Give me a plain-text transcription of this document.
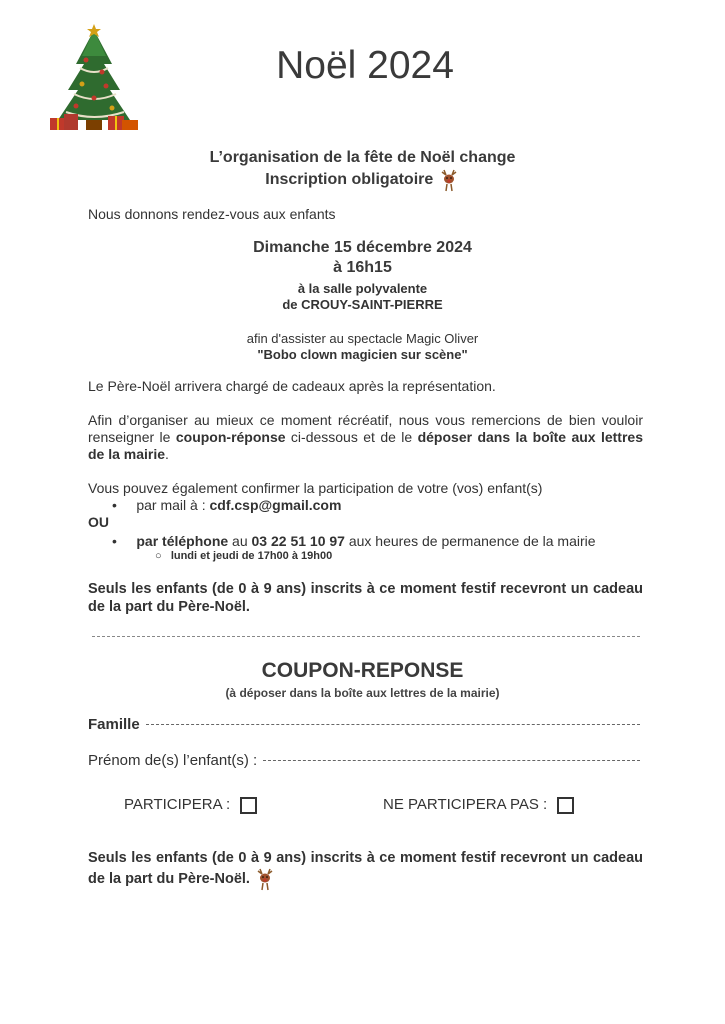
Noël 2024
L’organisation de la fête de Noël change
Inscription obligatoire
Nous donnons rendez-vous aux enfants
Dimanche 15 décembre 2024
à 16h15
à la salle polyvalente
de CROUY-SAINT-PIERRE
afin d'assister au spectacle Magic Oliver
"Bobo clown magicien sur scène"
Le Père-Noël arrivera chargé de cadeaux après la représentation.
Afin d’organiser au mieux ce moment récréatif, nous vous remercions de bien vouloir renseigner le coupon-réponse ci-dessous et de le déposer dans la boîte aux lettres de la mairie.
Vous pouvez également confirmer la participation de votre (vos) enfant(s)
•     par mail à : cdf.csp@gmail.com
OU
•     par téléphone au 03 22 51 10 97 aux heures de permanence de la mairie
○   lundi et jeudi de 17h00 à 19h00
Seuls les enfants (de 0 à 9 ans) inscrits à ce moment festif recevront un cadeau de la part du Père-Noël.
COUPON-REPONSE
(à déposer dans la boîte aux lettres de la mairie)
Famille
Prénom de(s) l’enfant(s) :
PARTICIPERA :	NE PARTICIPERA PAS :
Seuls les enfants (de 0 à 9 ans) inscrits à ce moment festif recevront un cadeau de la part du Père-Noël.
